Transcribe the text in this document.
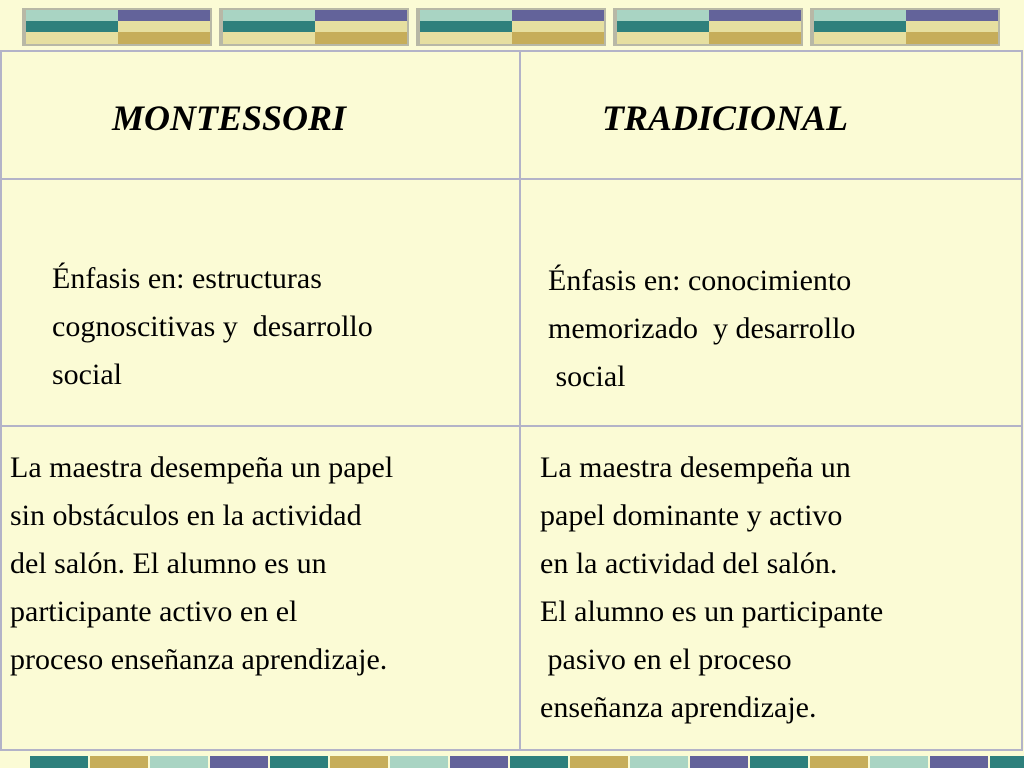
MONTESSORI	TRADICIONAL
Énfasis en: estructuras
cognoscitivas y  desarrollo
social
Énfasis en: conocimiento
memorizado  y desarrollo
social
La maestra desempeña un papel
sin obstáculos en la actividad
del salón. El alumno es un
participante activo en el
proceso enseñanza aprendizaje.
La maestra desempeña un
papel dominante y activo
en la actividad del salón.
El alumno es un participante
pasivo en el proceso
enseñanza aprendizaje.
